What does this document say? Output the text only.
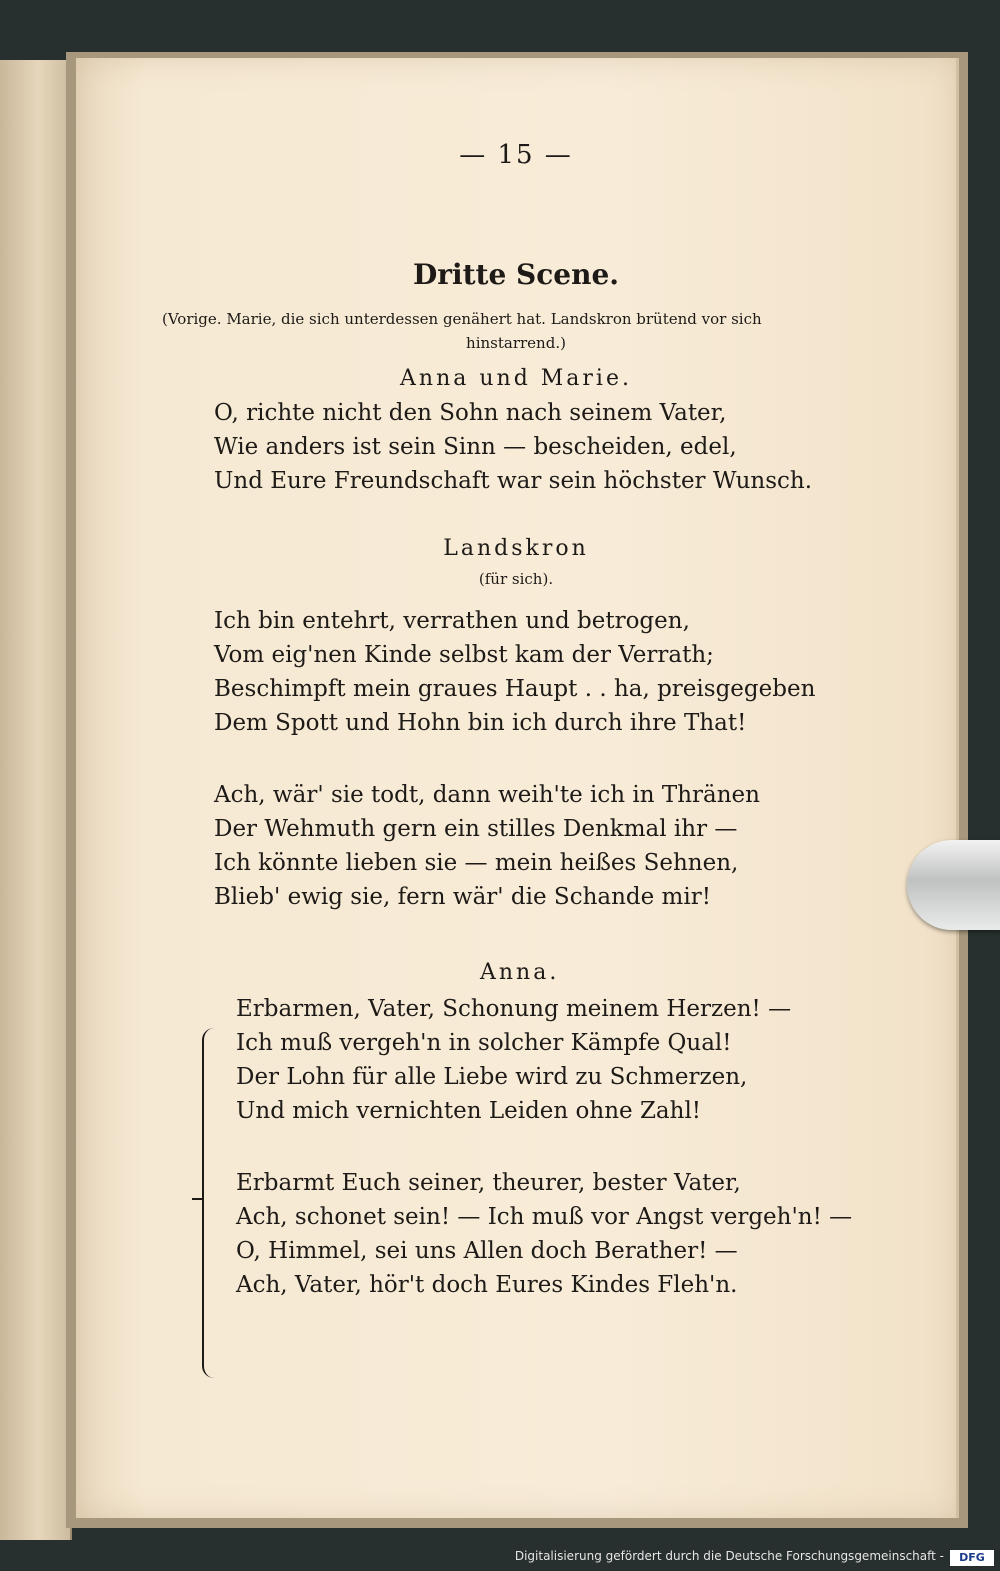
— 15 —
Dritte Scene.
(Vorige. Marie, die sich unterdessen genähert hat. Landskron brütend vor sich
hinstarrend.)
Anna und Marie.
O, richte nicht den Sohn nach seinem Vater,
Wie anders ist sein Sinn — bescheiden, edel,
Und Eure Freundschaft war sein höchster Wunsch.
Landskron
(für sich).
Ich bin entehrt, verrathen und betrogen,
Vom eig'nen Kinde selbst kam der Verrath;
Beschimpft mein graues Haupt . . ha, preisgegeben
Dem Spott und Hohn bin ich durch ihre That!
Ach, wär' sie todt, dann weih'te ich in Thränen
Der Wehmuth gern ein stilles Denkmal ihr —
Ich könnte lieben sie — mein heißes Sehnen,
Blieb' ewig sie, fern wär' die Schande mir!
Anna.
Erbarmen, Vater, Schonung meinem Herzen! —
Ich muß vergeh'n in solcher Kämpfe Qual!
Der Lohn für alle Liebe wird zu Schmerzen,
Und mich vernichten Leiden ohne Zahl!
Erbarmt Euch seiner, theurer, bester Vater,
Ach, schonet sein! — Ich muß vor Angst vergeh'n! —
O, Himmel, sei uns Allen doch Berather! —
Ach, Vater, hör't doch Eures Kindes Fleh'n.
Digitalisierung gefördert durch die Deutsche Forschungsgemeinschaft -	DFG
